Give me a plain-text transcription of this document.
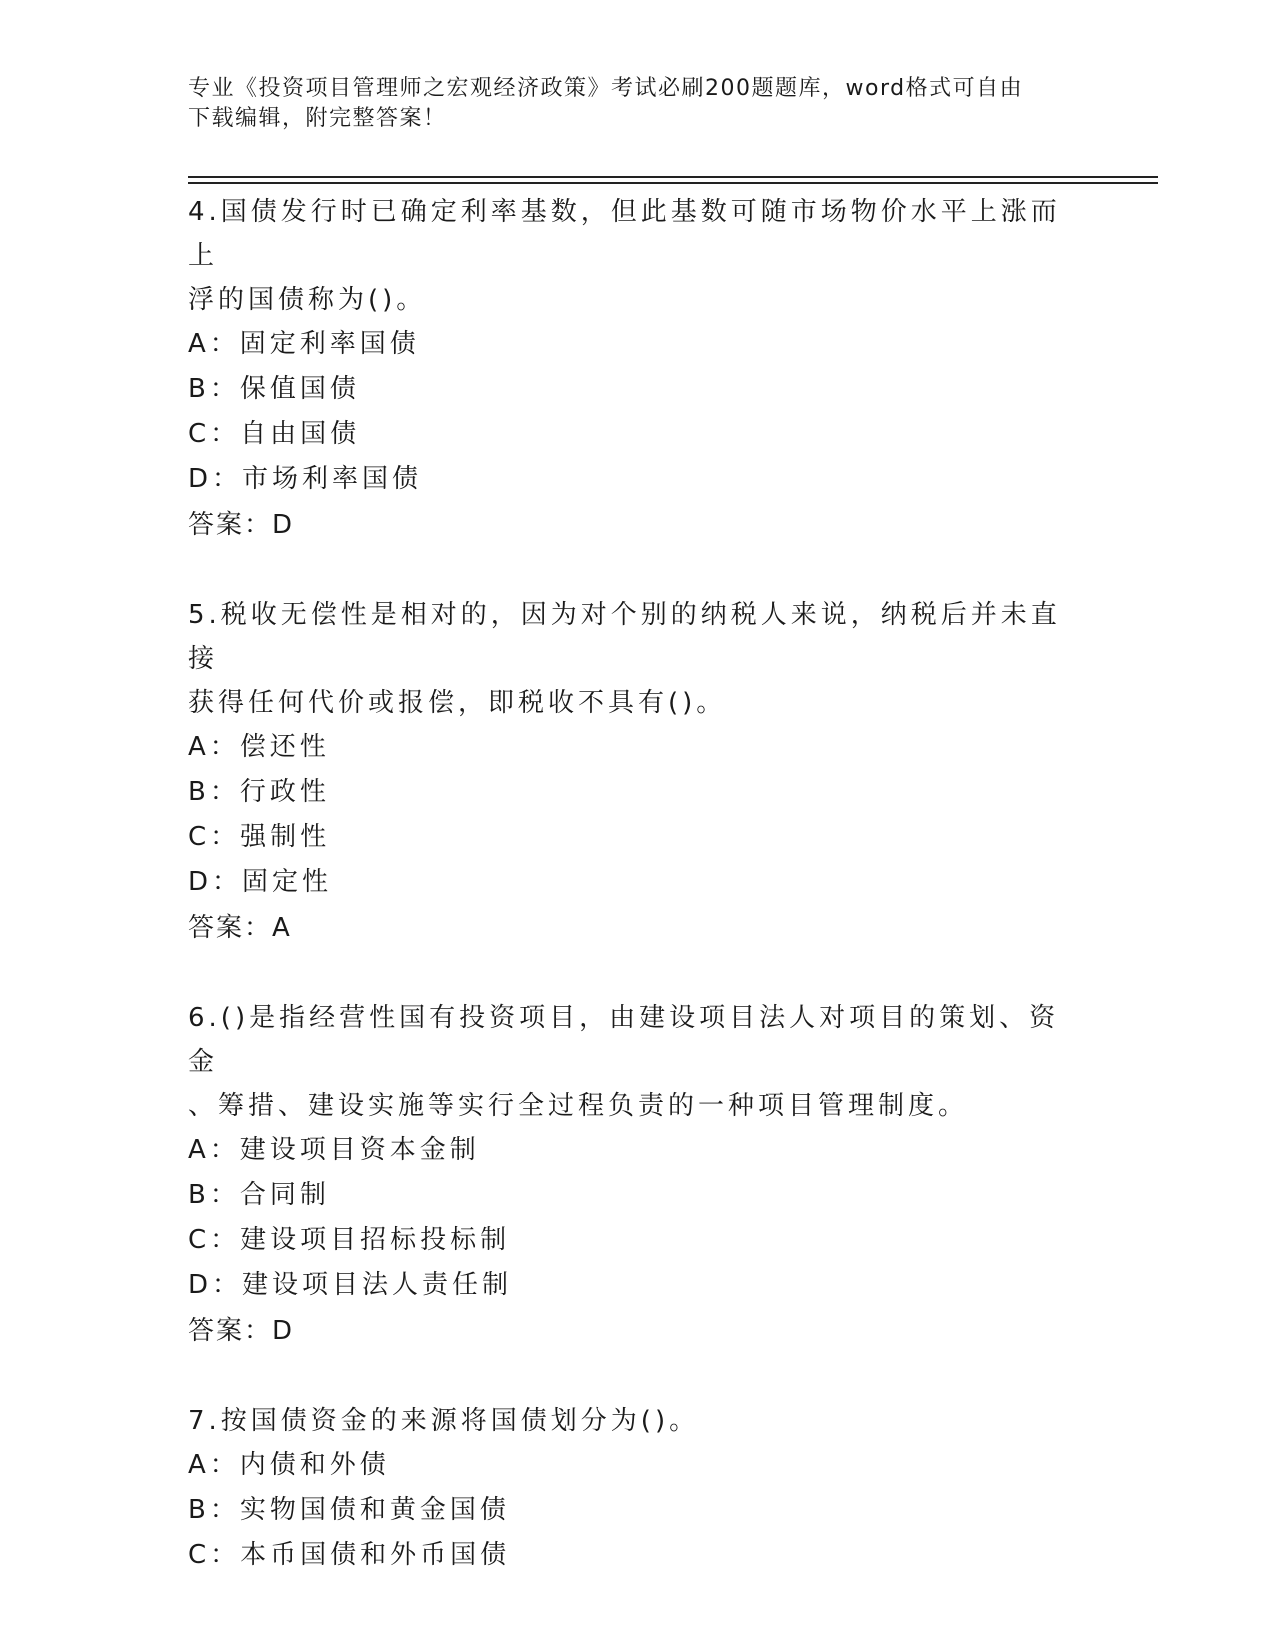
专业《投资项目管理师之宏观经济政策》考试必刷200题题库，word格式可自由
下载编辑，附完整答案！
4.国债发行时已确定利率基数，但此基数可随市场物价水平上涨而上
浮的国债称为()。
A：固定利率国债
B：保值国债
C：自由国债
D：市场利率国债
答案：D
5.税收无偿性是相对的，因为对个别的纳税人来说，纳税后并未直接
获得任何代价或报偿，即税收不具有()。
A：偿还性
B：行政性
C：强制性
D：固定性
答案：A
6.()是指经营性国有投资项目，由建设项目法人对项目的策划、资金
、筹措、建设实施等实行全过程负责的一种项目管理制度。
A：建设项目资本金制
B：合同制
C：建设项目招标投标制
D：建设项目法人责任制
答案：D
7.按国债资金的来源将国债划分为()。
A：内债和外债
B：实物国债和黄金国债
C：本币国债和外币国债
